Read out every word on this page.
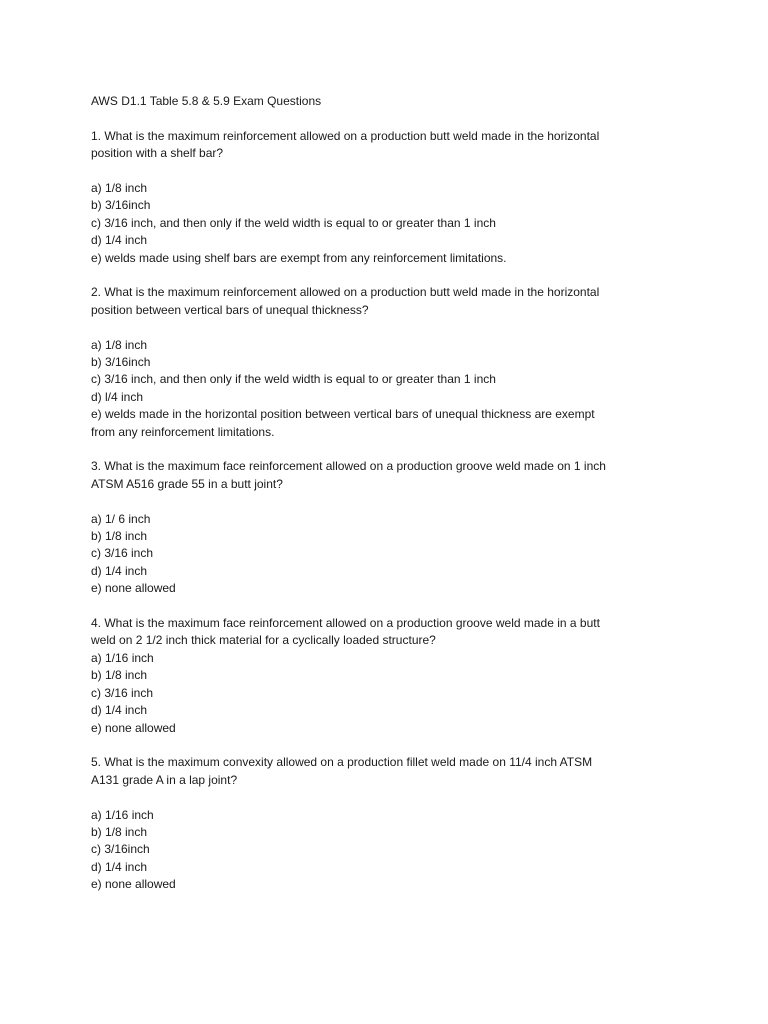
AWS D1.1 Table 5.8 & 5.9 Exam Questions

1. What is the maximum reinforcement allowed on a production butt weld made in the horizontal position with a shelf bar?

a) 1/8 inch
b) 3/16inch
c) 3/16 inch, and then only if the weld width is equal to or greater than 1 inch
d) 1/4 inch
e) welds made using shelf bars are exempt from any reinforcement limitations.

2. What is the maximum reinforcement allowed on a production butt weld made in the horizontal position between vertical bars of unequal thickness?

a) 1/8 inch
b) 3/16inch
c) 3/16 inch, and then only if the weld width is equal to or greater than 1 inch
d) l/4 inch
e) welds made in the horizontal position between vertical bars of unequal thickness are exempt from any reinforcement limitations.

3. What is the maximum face reinforcement allowed on a production groove weld made on 1 inch ATSM A516 grade 55 in a butt joint?

a) 1/ 6 inch
b) 1/8 inch
c) 3/16 inch
d) 1/4 inch
e) none allowed

4. What is the maximum face reinforcement allowed on a production groove weld made in a butt weld on 2 1/2 inch thick material for a cyclically loaded structure?

a) 1/16 inch
b) 1/8 inch
c) 3/16 inch
d) 1/4 inch
e) none allowed

5. What is the maximum convexity allowed on a production fillet weld made on 11/4 inch ATSM A131 grade A in a lap joint?

a) 1/16 inch
b) 1/8 inch
c) 3/16inch
d) 1/4 inch
e) none allowed
